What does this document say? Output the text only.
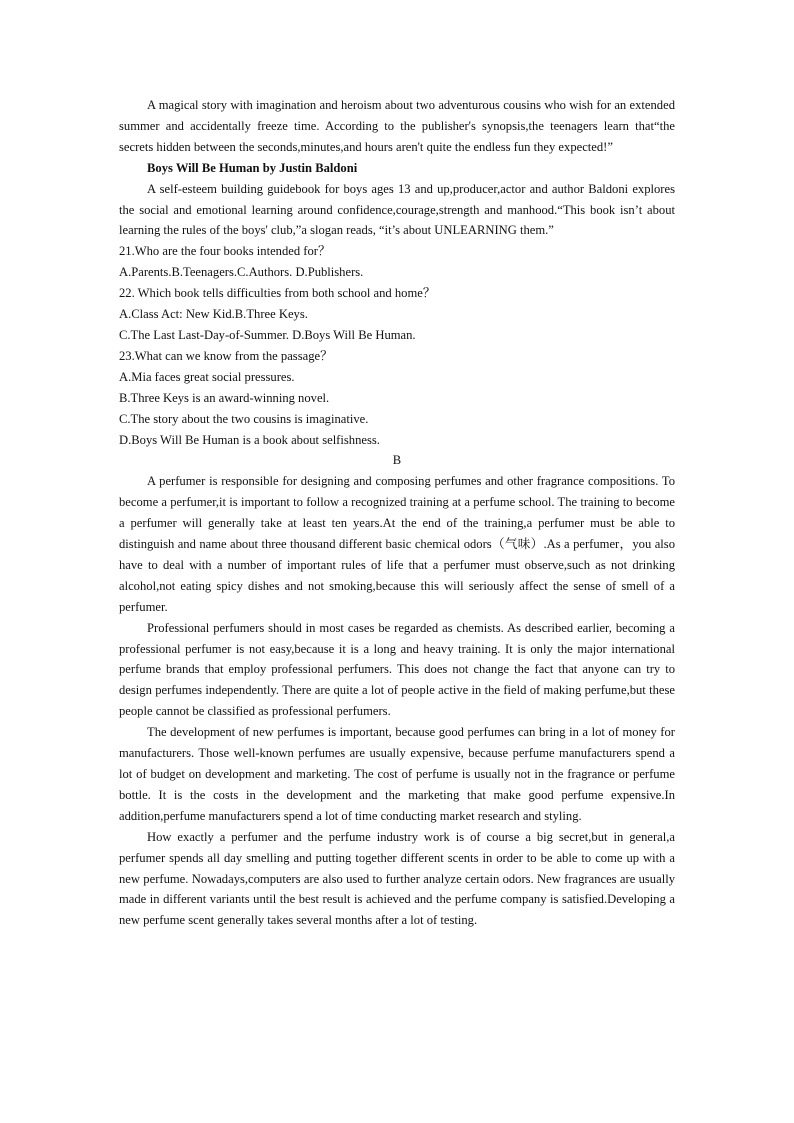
A magical story with imagination and heroism about two adventurous cousins who wish for an extended summer and accidentally freeze time. According to the publisher's synopsis,the teenagers learn that“the secrets hidden between the seconds,minutes,and hours aren't quite the endless fun they expected!”

Boys Will Be Human by Justin Baldoni

A self-esteem building guidebook for boys ages 13 and up,producer,actor and author Baldoni explores the social and emotional learning around confidence,courage,strength and manhood.“This book isn’t about learning the rules of the boys' club,”a slogan reads, “it’s about UNLEARNING them.”

21.Who are the four books intended for？

A.Parents.B.Teenagers.C.Authors. D.Publishers.

22. Which book tells difficulties from both school and home？

A.Class Act: New Kid.B.Three Keys.

C.The Last Last-Day-of-Summer. D.Boys Will Be Human.

23.What can we know from the passage？

A.Mia faces great social pressures.

B.Three Keys is an award-winning novel.

C.The story about the two cousins is imaginative.

D.Boys Will Be Human is a book about selfishness.

B

A perfumer is responsible for designing and composing perfumes and other fragrance compositions. To become a perfumer,it is important to follow a recognized training at a perfume school. The training to become a perfumer will generally take at least ten years.At the end of the training,a perfumer must be able to distinguish and name about three thousand different basic chemical odors（气味）.As a perfumer，you also have to deal with a number of important rules of life that a perfumer must observe,such as not drinking alcohol,not eating spicy dishes and not smoking,because this will seriously affect the sense of smell of a perfumer.

Professional perfumers should in most cases be regarded as chemists. As described earlier, becoming a professional perfumer is not easy,because it is a long and heavy training. It is only the major international perfume brands that employ professional perfumers. This does not change the fact that anyone can try to design perfumes independently. There are quite a lot of people active in the field of making perfume,but these people cannot be classified as professional perfumers.

The development of new perfumes is important, because good perfumes can bring in a lot of money for manufacturers. Those well-known perfumes are usually expensive, because perfume manufacturers spend a lot of budget on development and marketing. The cost of perfume is usually not in the fragrance or perfume bottle. It is the costs in the development and the marketing that make good perfume expensive.In addition,perfume manufacturers spend a lot of time conducting market research and styling.

How exactly a perfumer and the perfume industry work is of course a big secret,but in general,a perfumer spends all day smelling and putting together different scents in order to be able to come up with a new perfume. Nowadays,computers are also used to further analyze certain odors. New fragrances are usually made in different variants until the best result is achieved and the perfume company is satisfied.Developing a new perfume scent generally takes several months after a lot of testing.
